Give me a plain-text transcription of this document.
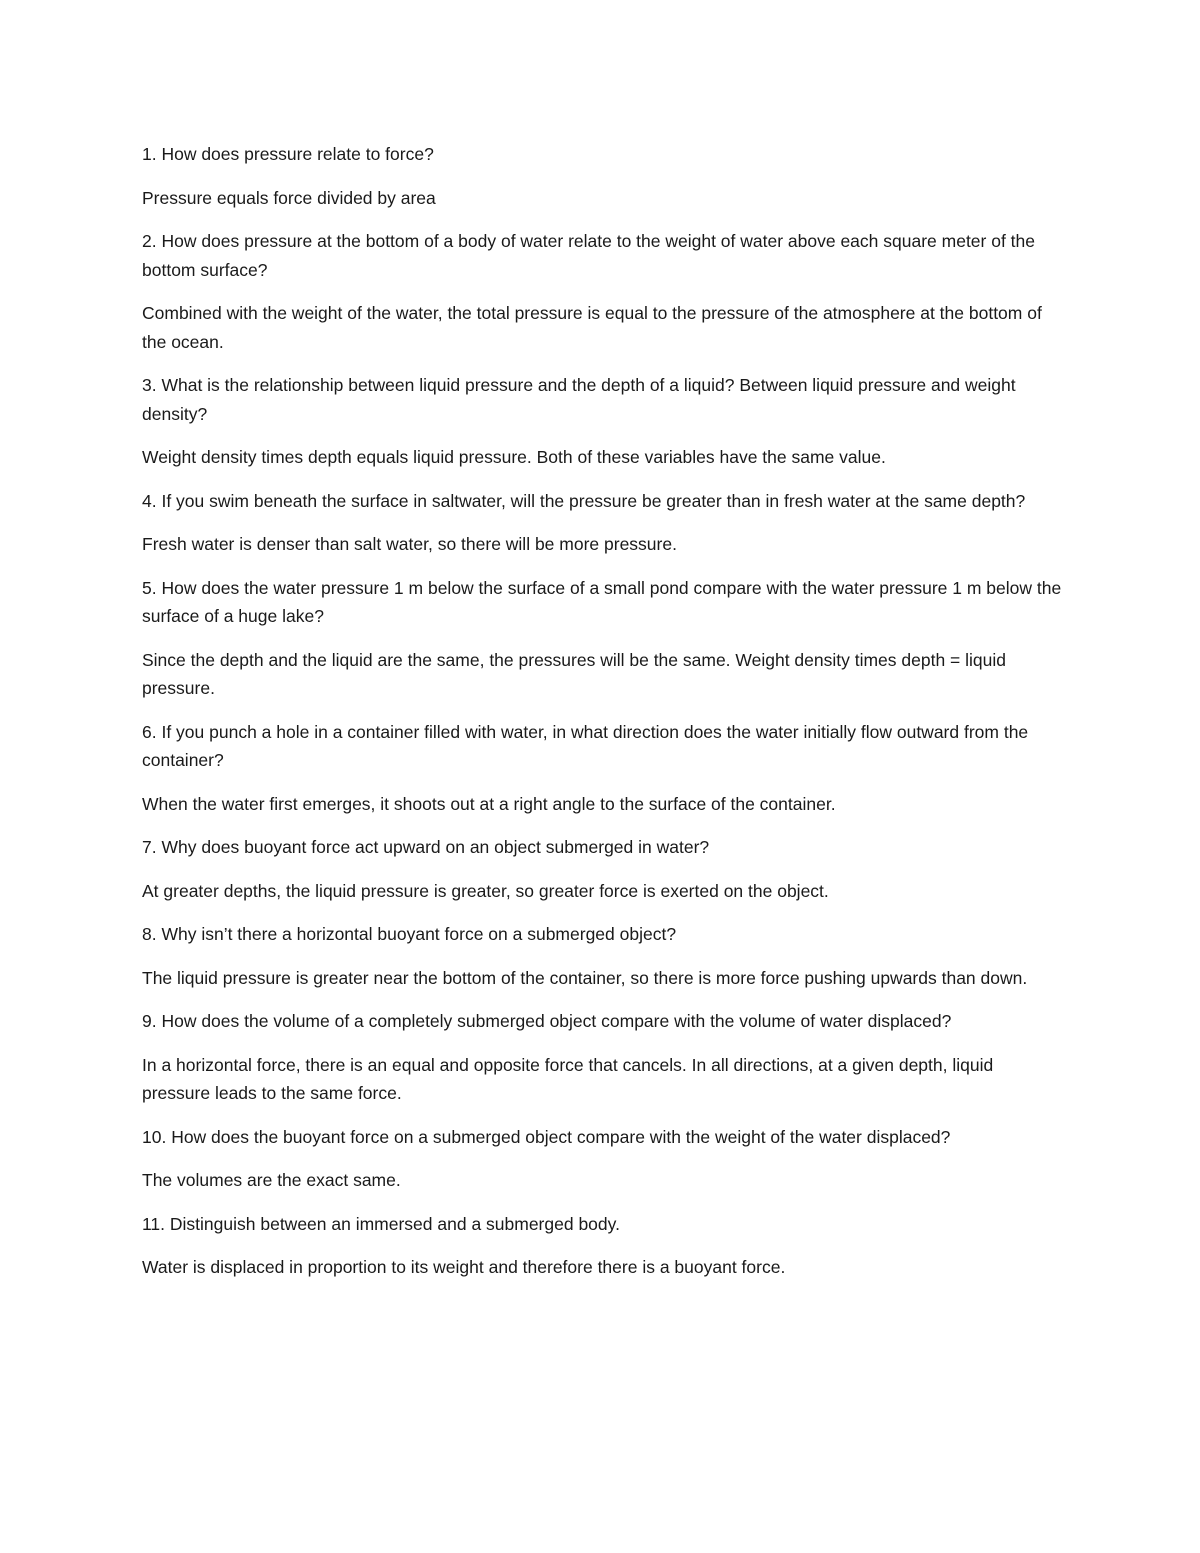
1. How does pressure relate to force?

Pressure equals force divided by area

2. How does pressure at the bottom of a body of water relate to the weight of water above each square meter of the bottom surface?

Combined with the weight of the water, the total pressure is equal to the pressure of the atmosphere at the bottom of the ocean.

3. What is the relationship between liquid pressure and the depth of a liquid? Between liquid pressure and weight density?

Weight density times depth equals liquid pressure. Both of these variables have the same value.

4. If you swim beneath the surface in saltwater, will the pressure be greater than in fresh water at the same depth?

Fresh water is denser than salt water, so there will be more pressure.

5. How does the water pressure 1 m below the surface of a small pond compare with the water pressure 1 m below the surface of a huge lake?

Since the depth and the liquid are the same, the pressures will be the same. Weight density times depth = liquid pressure.

6. If you punch a hole in a container filled with water, in what direction does the water initially flow outward from the container?

When the water first emerges, it shoots out at a right angle to the surface of the container.

7. Why does buoyant force act upward on an object submerged in water?

At greater depths, the liquid pressure is greater, so greater force is exerted on the object.

8. Why isn’t there a horizontal buoyant force on a submerged object?

The liquid pressure is greater near the bottom of the container, so there is more force pushing upwards than down.

9. How does the volume of a completely submerged object compare with the volume of water displaced?

In a horizontal force, there is an equal and opposite force that cancels. In all directions, at a given depth, liquid pressure leads to the same force.

10. How does the buoyant force on a submerged object compare with the weight of the water displaced?

The volumes are the exact same.

11. Distinguish between an immersed and a submerged body.

Water is displaced in proportion to its weight and therefore there is a buoyant force.
